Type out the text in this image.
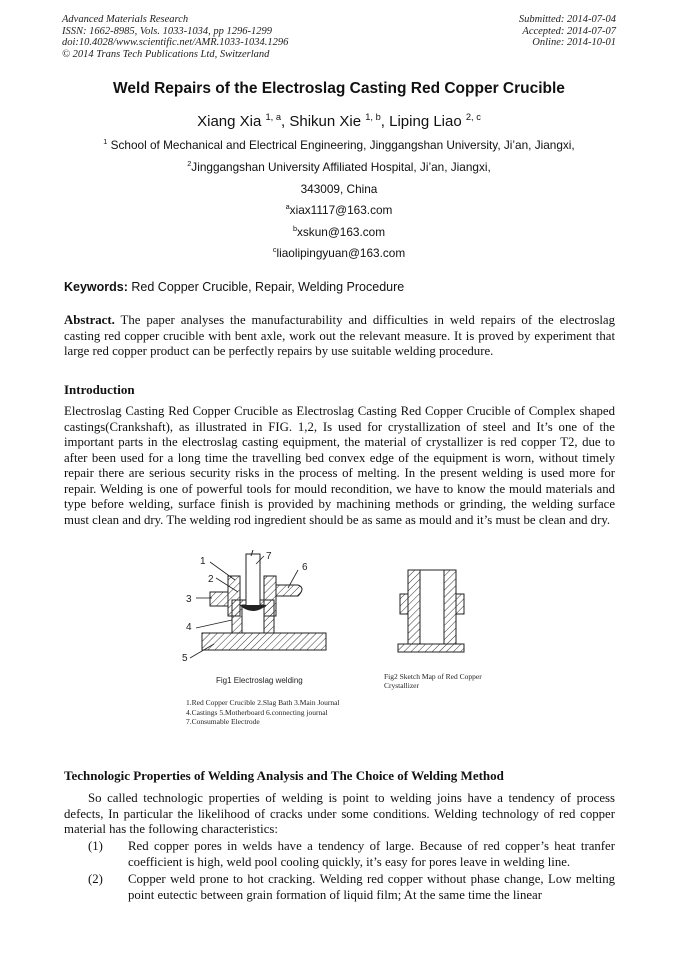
Advanced Materials Research
ISSN: 1662-8985, Vols. 1033-1034, pp 1296-1299
doi:10.4028/www.scientific.net/AMR.1033-1034.1296
© 2014 Trans Tech Publications Ltd, Switzerland
Submitted: 2014-07-04
Accepted: 2014-07-07
Online: 2014-10-01
Weld Repairs of the Electroslag Casting Red Copper Crucible
Xiang Xia $^{1, a}$, Shikun Xie $^{1, b}$, Liping Liao $^{2, c}$
$^1$ School of Mechanical and Electrical Engineering, Jinggangshan University, Ji’an, Jiangxi,
$^2$Jinggangshan University Affiliated Hospital, Ji’an, Jiangxi,
343009, China
$^a$xiax1117@163.com
$^b$xskun@163.com
$^c$liaolipingyuan@163.com
Keywords: Red Copper Crucible, Repair, Welding Procedure

Abstract. The paper analyses the manufacturability and difficulties in weld repairs of the electroslag casting red copper crucible with bent axle, work out the relevant measure. It is proved by experiment that large red copper product can be perfectly repairs by use suitable welding procedure.

Introduction

Electroslag Casting Red Copper Crucible as Electroslag Casting Red Copper Crucible of Complex shaped castings(Crankshaft), as illustrated in FIG. 1,2, Is used for crystallization of steel and It’s one of the important parts in the electroslag casting equipment, the material of crystallizer is red copper T2, due to after been used for a long time the travelling bed convex edge of the equipment is worn, without timely repair there are serious security risks in the process of melting. In the present welding is used more for repair. Welding is one of powerful tools for mould recondition, we have to know the mould materials and type before welding, surface finish is provided by machining methods or grinding, the welding surface must clean and dry. The welding rod ingredient should be as same as mould and it’s must be clean and dry.

1
2
3
4
5
6
7
Fig1 Electroslag welding	Fig2 Sketch Map of Red Copper
Crystallizer
1.Red Copper Crucible 2.Slag Bath 3.Main Journal
4.Castings 5.Motherboard 6.connecting journal
7.Consumable Electrode
Technologic Properties of Welding Analysis and The Choice of Welding Method

So called technologic properties of welding is point to welding joins have a tendency of process defects, In particular the likelihood of cracks under some conditions. Welding technology of red copper material has the following characteristics:

(1) Red copper pores in welds have a tendency of large. Because of red copper’s heat tranfer coefficient is high, weld pool cooling quickly, it’s easy for pores leave in welding line.
(2) Copper weld prone to hot cracking. Welding red copper without phase change, Low melting point eutectic between grain formation of liquid film; At the same time the linear
